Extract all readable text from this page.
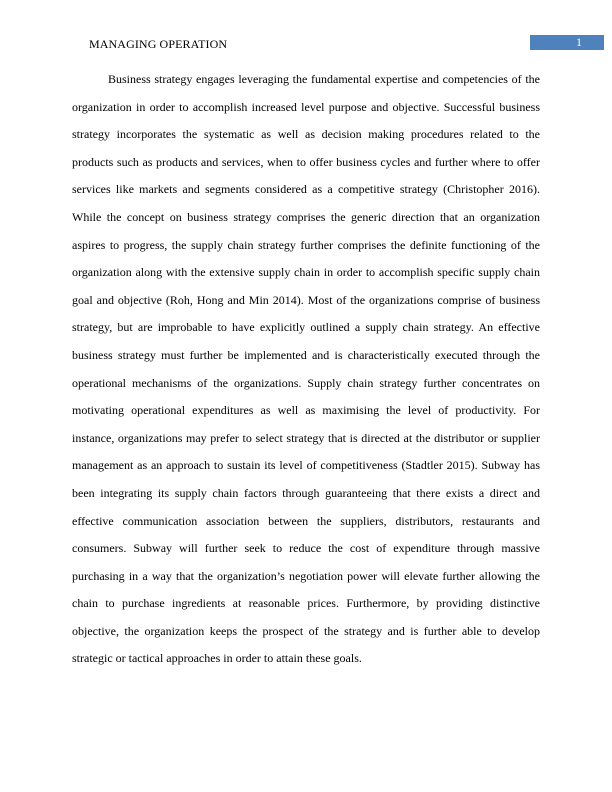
MANAGING OPERATION	1

Business strategy engages leveraging the fundamental expertise and competencies of the organization in order to accomplish increased level purpose and objective. Successful business strategy incorporates the systematic as well as decision making procedures related to the products such as products and services, when to offer business cycles and further where to offer services like markets and segments considered as a competitive strategy (Christopher 2016). While the concept on business strategy comprises the generic direction that an organization aspires to progress, the supply chain strategy further comprises the definite functioning of the organization along with the extensive supply chain in order to accomplish specific supply chain goal and objective (Roh, Hong and Min 2014). Most of the organizations comprise of business strategy, but are improbable to have explicitly outlined a supply chain strategy. An effective business strategy must further be implemented and is characteristically executed through the operational mechanisms of the organizations. Supply chain strategy further concentrates on motivating operational expenditures as well as maximising the level of productivity. For instance, organizations may prefer to select strategy that is directed at the distributor or supplier management as an approach to sustain its level of competitiveness (Stadtler 2015). Subway has been integrating its supply chain factors through guaranteeing that there exists a direct and effective communication association between the suppliers, distributors, restaurants and consumers. Subway will further seek to reduce the cost of expenditure through massive purchasing in a way that the organization’s negotiation power will elevate further allowing the chain to purchase ingredients at reasonable prices. Furthermore, by providing distinctive objective, the organization keeps the prospect of the strategy and is further able to develop strategic or tactical approaches in order to attain these goals.
